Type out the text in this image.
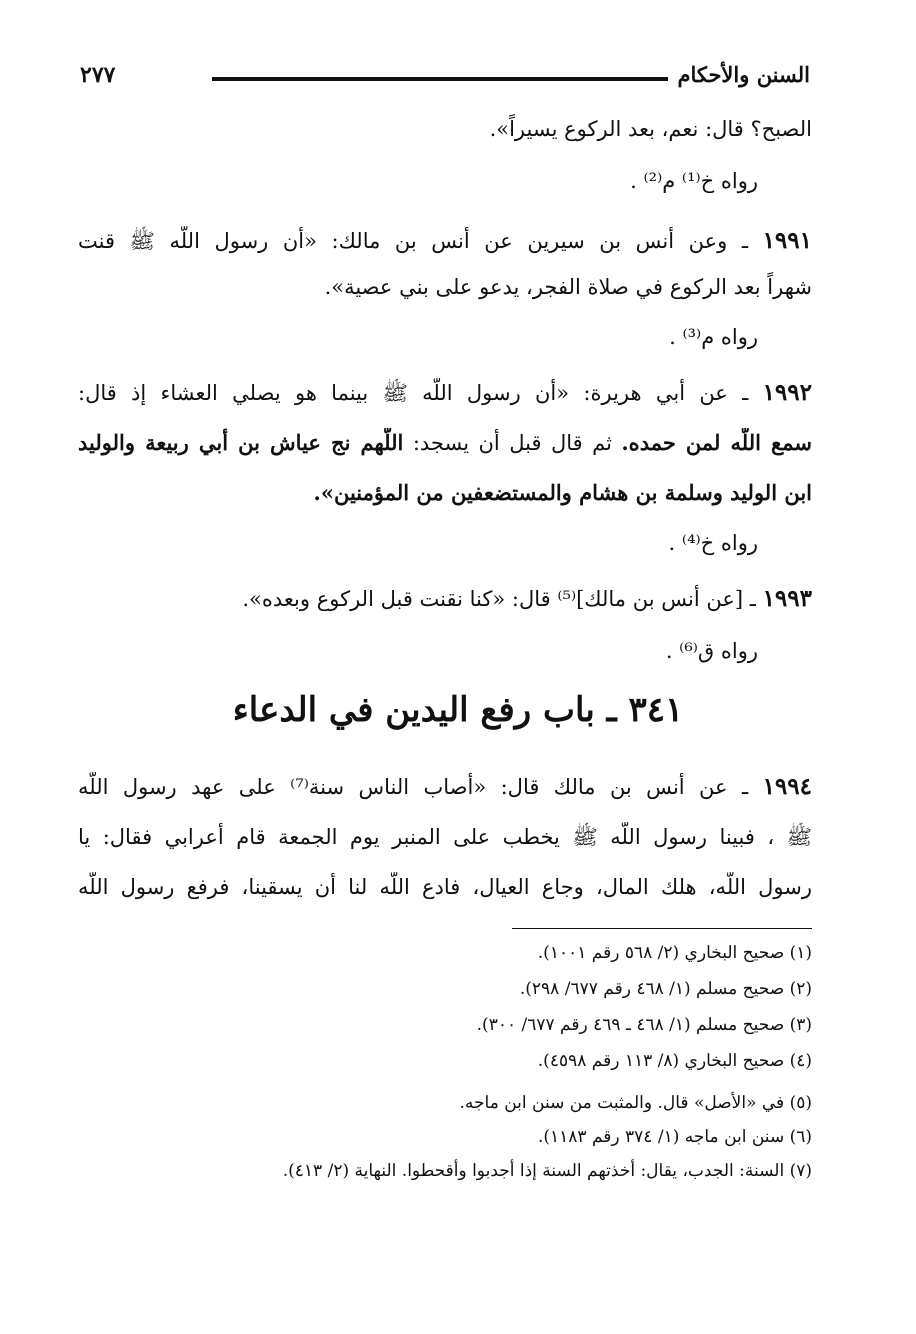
السنن والأحكام
٢٧٧
الصبح؟ قال: نعم، بعد الركوع يسيراً».
رواه خ⁽¹⁾ م⁽²⁾ .
١٩٩١ ـ وعن أنس بن سيرين عن أنس بن مالك: «أن رسول اللّه ﷺ قنت
شهراً بعد الركوع في صلاة الفجر، يدعو على بني عصية».
رواه م⁽³⁾ .
١٩٩٢ ـ عن أبي هريرة: «أن رسول اللّه ﷺ بينما هو يصلي العشاء إذ قال:
سمع اللّه لمن حمده. ثم قال قبل أن يسجد: اللّهم نج عياش بن أبي ربيعة والوليد
ابن الوليد وسلمة بن هشام والمستضعفين من المؤمنين».
رواه خ⁽⁴⁾ .
١٩٩٣ ـ [عن أنس بن مالك]⁽⁵⁾ قال: «كنا نقنت قبل الركوع وبعده».
رواه ق⁽⁶⁾ .
٣٤١ ـ باب رفع اليدين في الدعاء
١٩٩٤ ـ عن أنس بن مالك قال: «أصاب الناس سنة⁽⁷⁾ على عهد رسول اللّه
ﷺ ، فبينا رسول اللّه ﷺ يخطب على المنبر يوم الجمعة قام أعرابي فقال: يا
رسول اللّه، هلك المال، وجاع العيال، فادع اللّه لنا أن يسقينا، فرفع رسول اللّه
(١) صحيح البخاري (٢/ ٥٦٨ رقم ١٠٠١).
(٢) صحيح مسلم (١/ ٤٦٨ رقم ٦٧٧/ ٢٩٨).
(٣) صحيح مسلم (١/ ٤٦٨ ـ ٤٦٩ رقم ٦٧٧/ ٣٠٠).
(٤) صحيح البخاري (٨/ ١١٣ رقم ٤٥٩٨).
(٥) في «الأصل» قال. والمثبت من سنن ابن ماجه.
(٦) سنن ابن ماجه (١/ ٣٧٤ رقم ١١٨٣).
(٧) السنة: الجدب، يقال: أخذتهم السنة إذا أجدبوا وأقحطوا. النهاية (٢/ ٤١٣).
